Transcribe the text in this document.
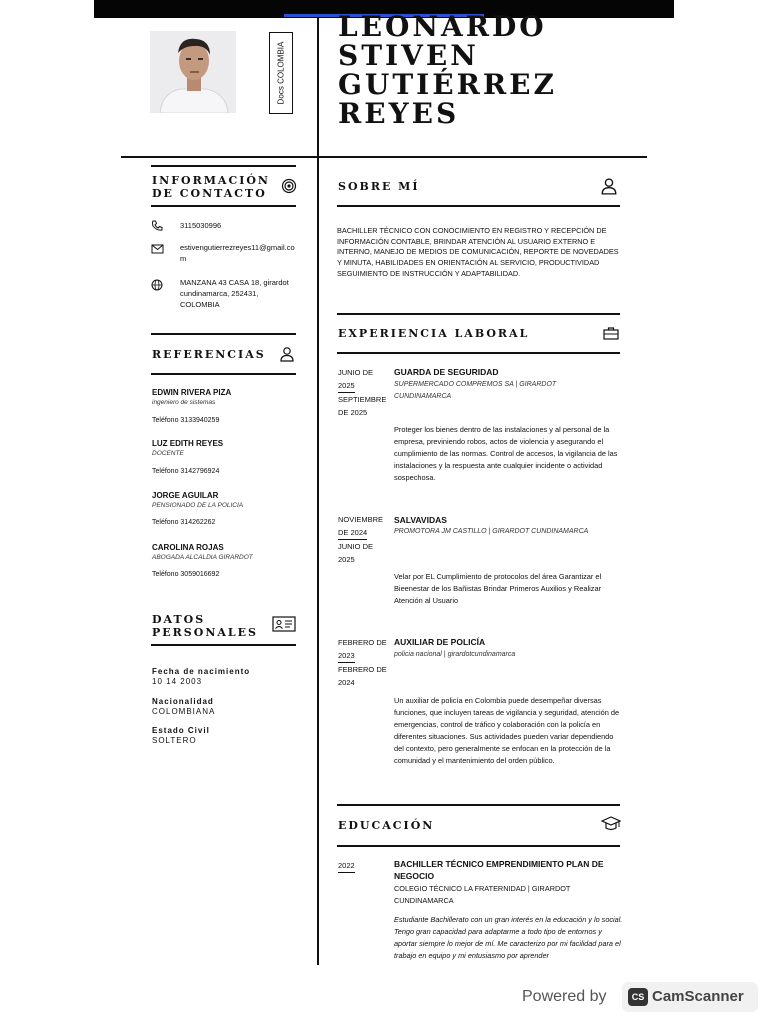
Docs COLOMBIA
LEONARDO
STIVEN
GUTIÉRREZ
REYES
INFORMACIÓN
DE CONTACTO
3115030996
estivengutierrezreyes11@gmail.co
m
MANZANA 43 CASA 18, girardot
cundinamarca, 252431,
COLOMBIA
REFERENCIAS
EDWIN RIVERA PIZA
ingeniero de sistemas
Teléfono 3133940259
LUZ EDITH REYES
DOCENTE
Teléfono 3142796924
JORGE AGUILAR
PENSIONADO DE LA POLICIA
Teléfono 314262262
CAROLINA ROJAS
ABOGADA ALCALDIA GIRARDOT
Teléfono 3059016692
DATOS
PERSONALES
Fecha de nacimiento
10 14 2003
Nacionalidad
COLOMBIANA
Estado Civil
SOLTERO
SOBRE MÍ
BACHILLER TÉCNICO CON CONOCIMIENTO EN REGISTRO Y RECEPCIÓN DE INFORMACIÓN CONTABLE, BRINDAR ATENCIÓN AL USUARIO EXTERNO E INTERNO, MANEJO DE MEDIOS DE COMUNICACIÓN, REPORTE DE NOVEDADES Y MINUTA, HABILIDADES EN ORIENTACIÓN AL SERVICIO, PRODUCTIVIDAD SEGUIMIENTO DE INSTRUCCIÓN Y ADAPTABILIDAD.
EXPERIENCIA LABORAL
JUNIO DE
2025
SEPTIEMBRE
DE 2025
GUARDA DE SEGURIDAD
SUPERMERCADO COMPREMOS SA | GIRARDOT CUNDINAMARCA
Proteger los bienes dentro de las instalaciones y al personal de la empresa, previniendo robos, actos de violencia y asegurando el cumplimiento de las normas. Control de accesos, la vigilancia de las instalaciones y la respuesta ante cualquier incidente o actividad sospechosa.
NOVIEMBRE
DE 2024
JUNIO DE
2025
SALVAVIDAS
PROMOTORA JM CASTILLO | GIRARDOT CUNDINAMARCA
Velar por EL Cumplimiento de protocolos del área Garantizar el Bieenestar de los Bañistas Brindar Primeros Auxilios y Realizar Atención al Usuario
FEBRERO DE
2023
FEBRERO DE
2024
AUXILIAR DE POLICÍA
policia nacional | girardotcundinamarca
Un auxiliar de policía en Colombia puede desempeñar diversas funciones, que incluyen tareas de vigilancia y seguridad, atención de emergencias, control de tráfico y colaboración con la policía en diferentes situaciones. Sus actividades pueden variar dependiendo del contexto, pero generalmente se enfocan en la protección de la comunidad y el mantenimiento del orden público.
EDUCACIÓN
2022	BACHILLER TÉCNICO EMPRENDIMIENTO PLAN DE NEGOCIO
COLEGIO TÉCNICO LA FRATERNIDAD | GIRARDOT CUNDINAMARCA
Estudiante Bachillerato con un gran interés en la educación y lo social. Tengo gran capacidad para adaptarme a todo tipo de entornos y aportar siempre lo mejor de mí. Me caracterizo por mi facilidad para el trabajo en equipo y mi entusiasmo por aprender
Powered by	CS CamScanner
